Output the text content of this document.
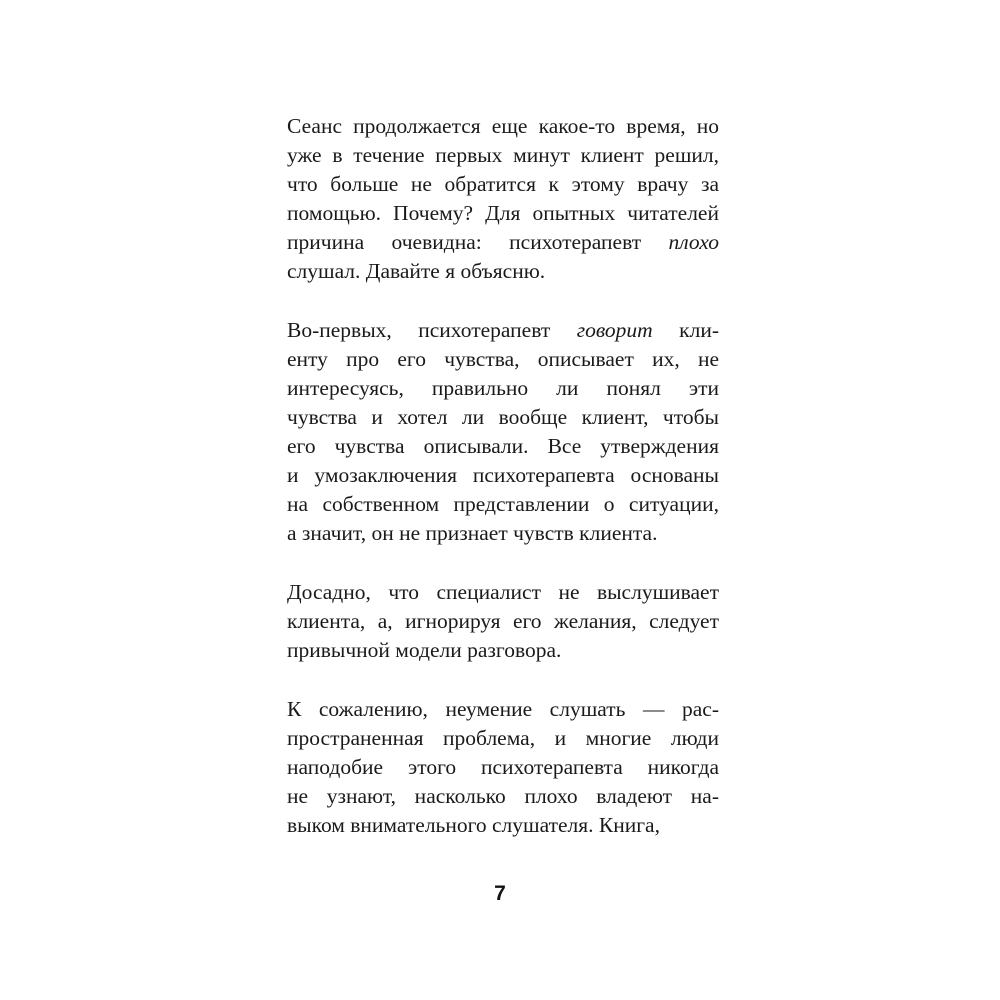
Сеанс продолжается еще какое-то время, но
уже в течение первых минут клиент решил,
что больше не обратится к этому врачу за
помощью. Почему? Для опытных читателей
причина очевидна: психотерапевт плохо
слушал. Давайте я объясню.
Во-первых, психотерапевт говорит кли-
енту про его чувства, описывает их, не
интересуясь, правильно ли понял эти
чувства и хотел ли вообще клиент, чтобы
его чувства описывали. Все утверждения
и умозаключения психотерапевта основаны
на собственном представлении о ситуации,
а значит, он не признает чувств клиента.
Досадно, что специалист не выслушивает
клиента, а, игнорируя его желания, следует
привычной модели разговора.
К сожалению, неумение слушать — рас-
пространенная проблема, и многие люди
наподобие этого психотерапевта никогда
не узнают, насколько плохо владеют на-
выком внимательного слушателя. Книга,
7
